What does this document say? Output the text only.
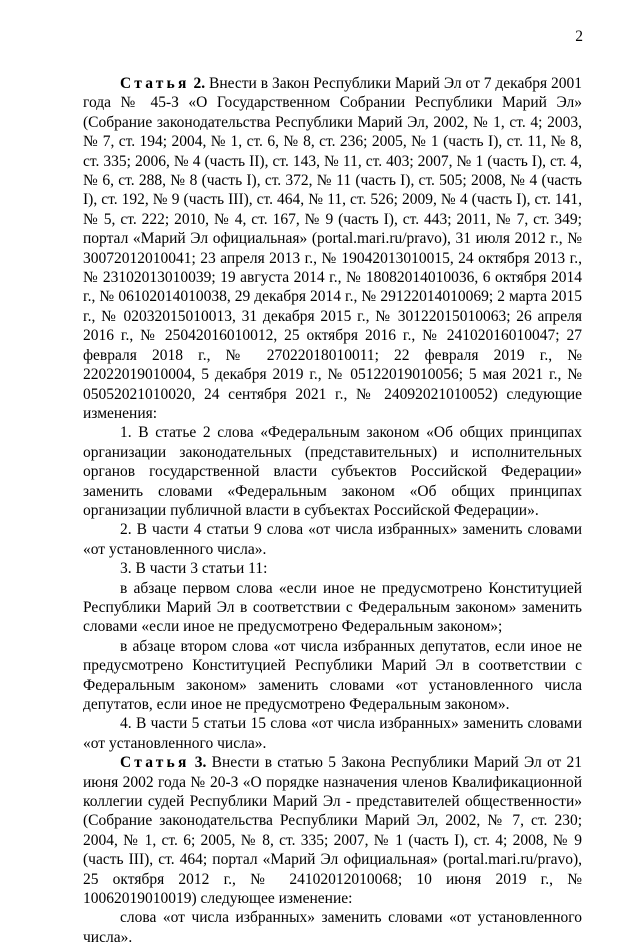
2

Статья 2. Внести в Закон Республики Марий Эл от 7 декабря 2001 года № 45-З «О Государственном Собрании Республики Марий Эл» (Собрание законодательства Республики Марий Эл, 2002, № 1, ст. 4; 2003, № 7, ст. 194; 2004, № 1, ст. 6, № 8, ст. 236; 2005, № 1 (часть I), ст. 11, № 8, ст. 335; 2006, № 4 (часть II), ст. 143, № 11, ст. 403; 2007, № 1 (часть I), ст. 4, № 6, ст. 288, № 8 (часть I), ст. 372, № 11 (часть I), ст. 505; 2008, № 4 (часть I), ст. 192, № 9 (часть III), ст. 464, № 11, ст. 526; 2009, № 4 (часть I), ст. 141, № 5, ст. 222; 2010, № 4, ст. 167, № 9 (часть I), ст. 443; 2011, № 7, ст. 349; портал «Марий Эл официальная» (portal.mari.ru/pravo), 31 июля 2012 г., № 30072012010041; 23 апреля 2013 г., № 19042013010015, 24 октября 2013 г., № 23102013010039; 19 августа 2014 г., № 18082014010036, 6 октября 2014 г., № 06102014010038, 29 декабря 2014 г., № 29122014010069; 2 марта 2015 г., № 02032015010013, 31 декабря 2015 г., № 30122015010063; 26 апреля 2016 г., № 25042016010012, 25 октября 2016 г., № 24102016010047; 27 февраля 2018 г., № 27022018010011; 22 февраля 2019 г., № 22022019010004, 5 декабря 2019 г., № 05122019010056; 5 мая 2021 г., № 05052021010020, 24 сентября 2021 г., № 24092021010052) следующие изменения:

1. В статье 2 слова «Федеральным законом «Об общих принципах организации законодательных (представительных) и исполнительных органов государственной власти субъектов Российской Федерации» заменить словами «Федеральным законом «Об общих принципах организации публичной власти в субъектах Российской Федерации».

2. В части 4 статьи 9 слова «от числа избранных» заменить словами «от установленного числа».

3. В части 3 статьи 11:

в абзаце первом слова «если иное не предусмотрено Конституцией Республики Марий Эл в соответствии с Федеральным законом» заменить словами «если иное не предусмотрено Федеральным законом»;

в абзаце втором слова «от числа избранных депутатов, если иное не предусмотрено Конституцией Республики Марий Эл в соответствии с Федеральным законом» заменить словами «от установленного числа депутатов, если иное не предусмотрено Федеральным законом».

4. В части 5 статьи 15 слова «от числа избранных» заменить словами «от установленного числа».

Статья 3. Внести в статью 5 Закона Республики Марий Эл от 21 июня 2002 года № 20-З «О порядке назначения членов Квалификационной коллегии судей Республики Марий Эл - представителей общественности» (Собрание законодательства Республики Марий Эл, 2002, № 7, ст. 230; 2004, № 1, ст. 6; 2005, № 8, ст. 335; 2007, № 1 (часть I), ст. 4; 2008, № 9 (часть III), ст. 464; портал «Марий Эл официальная» (portal.mari.ru/pravo), 25 октября 2012 г., № 24102012010068; 10 июня 2019 г., № 10062019010019) следующее изменение:

слова «от числа избранных» заменить словами «от установленного числа».
